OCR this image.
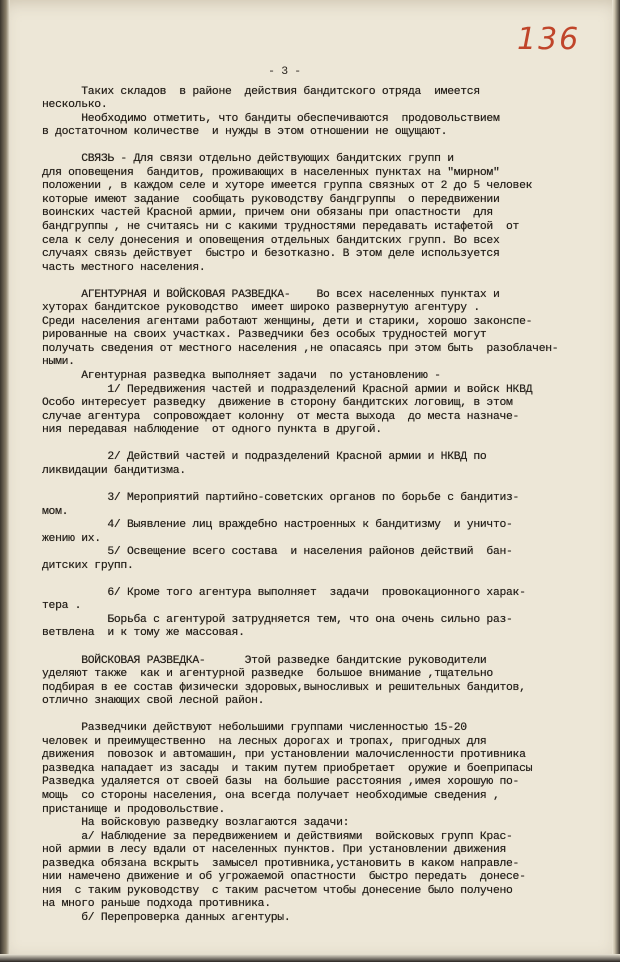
136
- 3 -
Таких складов  в районе  действия бандитского отряда  имеется
несколько.
Необходимо отметить, что бандиты обеспечиваются  продовольствием
в достаточном количестве  и нужды в этом отношении не ощущают.
СВЯЗЬ - Для связи отдельно действующих бандитских групп и
для оповещения  бандитов, проживающих в населенных пунктах на "мирном"
положении , в каждом селе и хуторе имеется группа связных от 2 до 5 человек
которые имеют задание  сообщать руководству бандгруппы  о передвижении
воинских частей Красной армии, причем они обязаны при опастности  для
бандгруппы , не считаясь ни с какими трудностями передавать истафетой  от
села к селу донесения и оповещения отдельных бандитских групп. Во всех
случаях связь действует  быстро и безотказно. В этом деле используется
часть местного населения.
АГЕНТУРНАЯ И ВОЙСКОВАЯ РАЗВЕДКА-    Во всех населенных пунктах и
хуторах бандитское руководство  имеет широко развернутую агентуру .
Среди населения агентами работают женщины, дети и старики, хорошо законспе-
рированные на своих участках. Разведчики без особых трудностей могут
получать сведения от местного населения ,не опасаясь при этом быть  разоблачен-
ными.
Агентурная разведка выполняет задачи  по установлению -
1/ Передвижения частей и подразделений Красной армии и войск НКВД
Особо интересует разведку  движение в сторону бандитских логовищ, в этом
случае агентура  сопровождает колонну  от места выхода  до места назначе-
ния передавая наблюдение  от одного пункта в другой.
2/ Действий частей и подразделений Красной армии и НКВД по
ликвидации бандитизма.
3/ Мероприятий партийно-советских органов по борьбе с бандитиз-
мом.
4/ Выявление лиц враждебно настроенных к бандитизму  и уничто-
жению их.
5/ Освещение всего состава  и населения районов действий  бан-
дитских групп.
6/ Кроме того агентура выполняет  задачи  провокационного харак-
тера .
Борьба с агентурой затрудняется тем, что она очень сильно раз-
ветвлена  и к тому же массовая.
ВОЙСКОВАЯ РАЗВЕДКА-      Этой разведке бандитские руководители
уделяют также  как и агентурной разведке  большое внимание ,тщательно
подбирая в ее состав физически здоровых,выносливых и решительных бандитов,
отлично знающих свой лесной район.
Разведчики действуют небольшими группами численностью 15-20
человек и преимущественно  на лесных дорогах и тропах, пригодных для
движения  повозок и автомашин, при установлении малочисленности противника
разведка нападает из засады  и таким путем приобретает  оружие и боеприпасы
Разведка удаляется от своей базы  на большие расстояния ,имея хорошую по-
мощь  со стороны населения, она всегда получает необходимые сведения ,
пристанище и продовольствие.
На войсковую разведку возлагаются задачи:
а/ Наблюдение за передвижением и действиями  войсковых групп Крас-
ной армии в лесу вдали от населенных пунктов. При установлении движения
разведка обязана вскрыть  замысел противника,установить в каком направле-
нии намечено движение и об угрожаемой опастности  быстро передать  донесе-
ния  с таким руководству  с таким расчетом чтобы донесение было получено
на много раньше подхода противника.
б/ Перепроверка данных агентуры.
